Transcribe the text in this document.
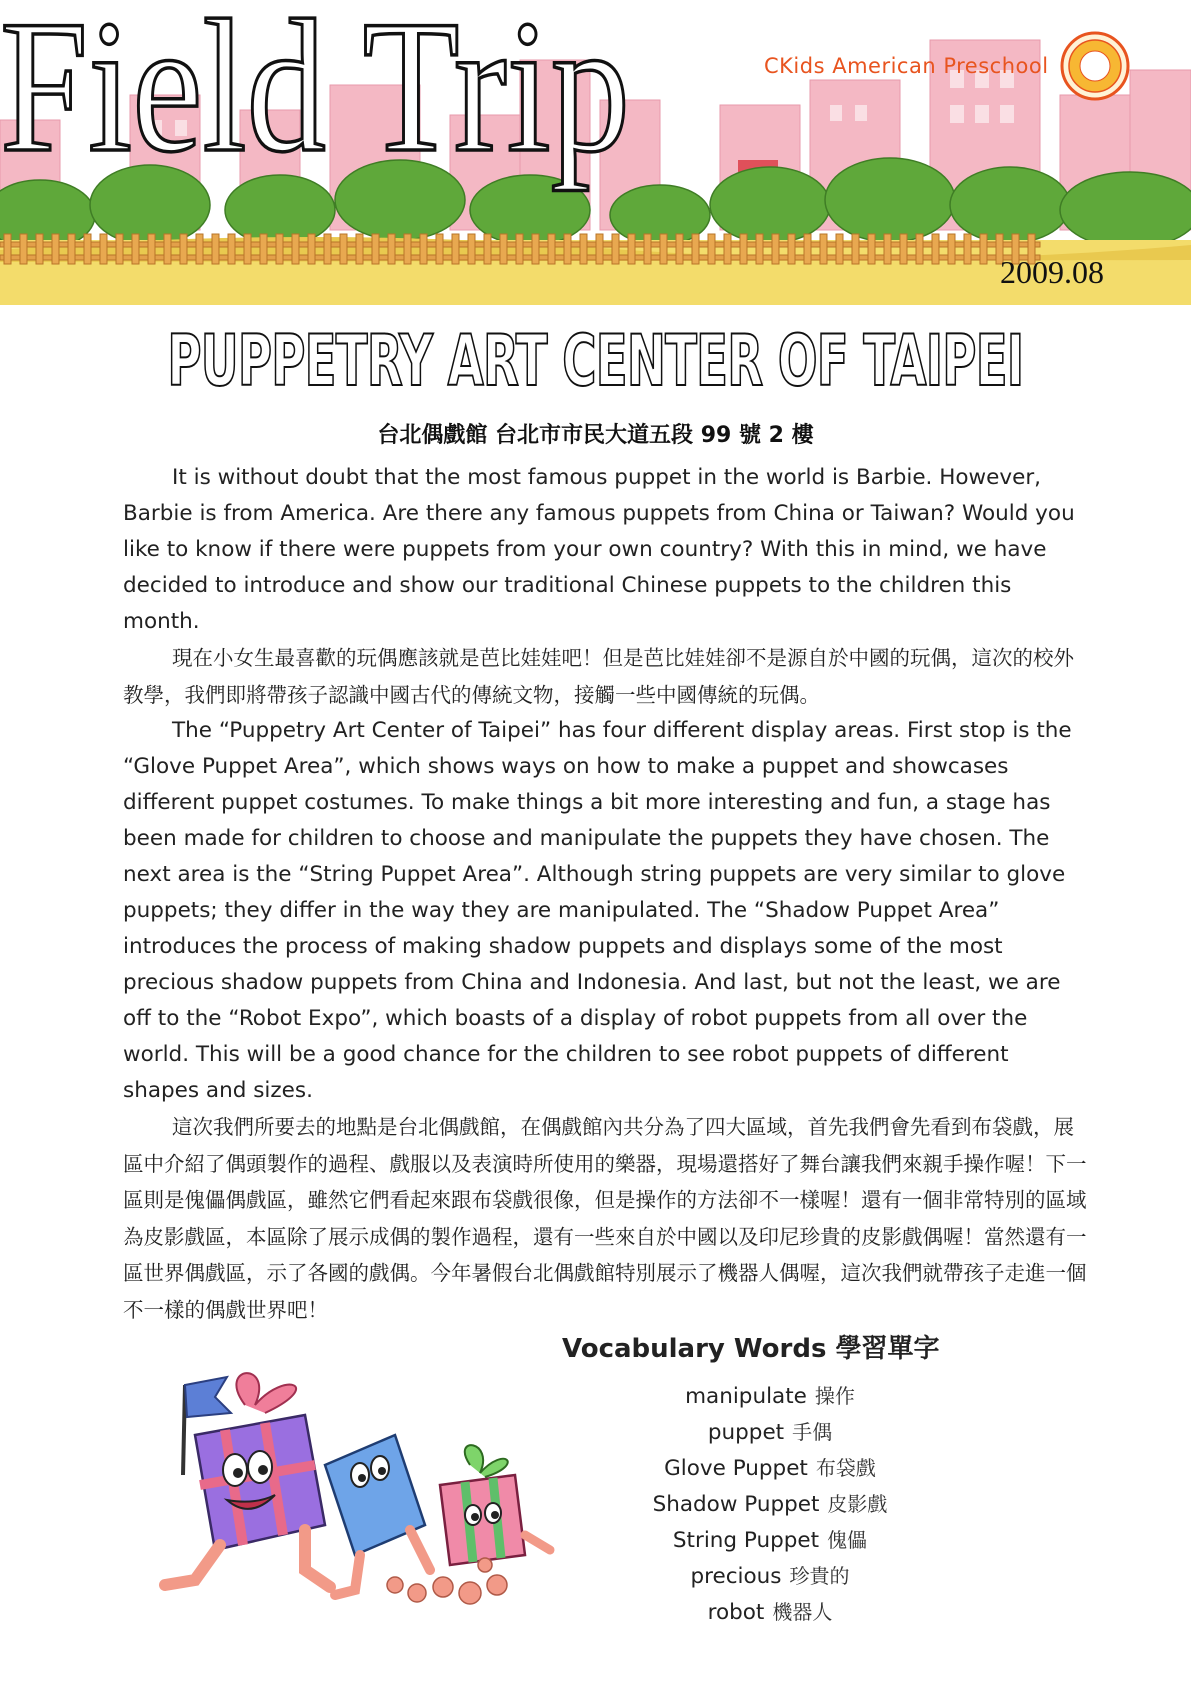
Field Trip	CKids American Preschool
2009.08
PUPPETRY ART CENTER OF TAIPEI
台北偶戲館 台北市市民大道五段 99 號 2 樓

It is without doubt that the most famous puppet in the world is Barbie. However, Barbie is from America. Are there any famous puppets from China or Taiwan? Would you like to know if there were puppets from your own country? With this in mind, we have decided to introduce and show our traditional Chinese puppets to the children this month.

現在小女生最喜歡的玩偶應該就是芭比娃娃吧！但是芭比娃娃卻不是源自於中國的玩偶，這次的校外教學，我們即將帶孩子認識中國古代的傳統文物，接觸一些中國傳統的玩偶。

The “Puppetry Art Center of Taipei” has four different display areas. First stop is the “Glove Puppet Area”, which shows ways on how to make a puppet and showcases different puppet costumes. To make things a bit more interesting and fun, a stage has been made for children to choose and manipulate the puppets they have chosen. The next area is the “String Puppet Area”. Although string puppets are very similar to glove puppets; they differ in the way they are manipulated. The “Shadow Puppet Area” introduces the process of making shadow puppets and displays some of the most precious shadow puppets from China and Indonesia. And last, but not the least, we are off to the “Robot Expo”, which boasts of a display of robot puppets from all over the world. This will be a good chance for the children to see robot puppets of different shapes and sizes.

這次我們所要去的地點是台北偶戲館，在偶戲館內共分為了四大區域，首先我們會先看到布袋戲，展區中介紹了偶頭製作的過程、戲服以及表演時所使用的樂器，現場還搭好了舞台讓我們來親手操作喔！下一區則是傀儡偶戲區，雖然它們看起來跟布袋戲很像，但是操作的方法卻不一樣喔！還有一個非常特別的區域為皮影戲區，本區除了展示成偶的製作過程，還有一些來自於中國以及印尼珍貴的皮影戲偶喔！當然還有一區世界偶戲區，示了各國的戲偶。今年暑假台北偶戲館特別展示了機器人偶喔，這次我們就帶孩子走進一個不一樣的偶戲世界吧！

Vocabulary Words 學習單字
manipulate 操作
puppet 手偶
Glove Puppet 布袋戲
Shadow Puppet 皮影戲
String Puppet 傀儡
precious 珍貴的
robot 機器人
